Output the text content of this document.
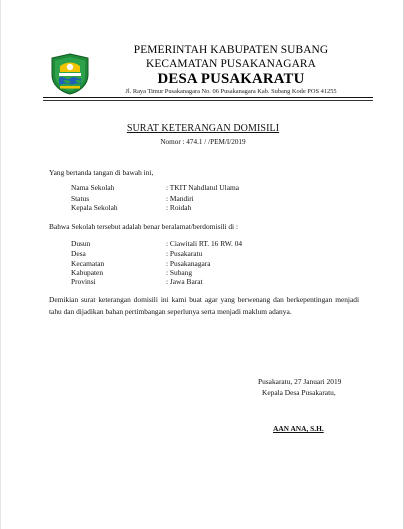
PEMERINTAH KABUPATEN SUBANG
KECAMATAN PUSAKANAGARA
DESA PUSAKARATU
Jl. Raya Timur Pusakanagara No. 06 Pusakanagara Kab. Subang Kode POS 41255
SURAT KETERANGAN DOMISILI
Nomor : 474.1 / /PEM/I/2019
Yang bertanda tangan di bawah ini,
Nama Sekolah	: TKIT Nahdlatul Ulama
Status	: Mandiri
Kepala Sekolah	: Roidah
Bahwa Sekolah tersebut adalah benar beralamat/berdomisili di :
Dusun	: Ciawitali RT. 16 RW. 04
Desa	: Pusakaratu
Kecamatan	: Pusakanagara
Kabupaten	: Subang
Provinsi	: Jawa Barat
Demikian surat keterangan domisili ini kami buat agar yang berwenang dan berkepentingan menjadi tahu dan dijadikan bahan pertimbangan seperlunya serta menjadi maklum adanya.
Pusakaratu, 27 Januari 2019
Kepala Desa Pusakaratu,
AAN ANA, S.H.
